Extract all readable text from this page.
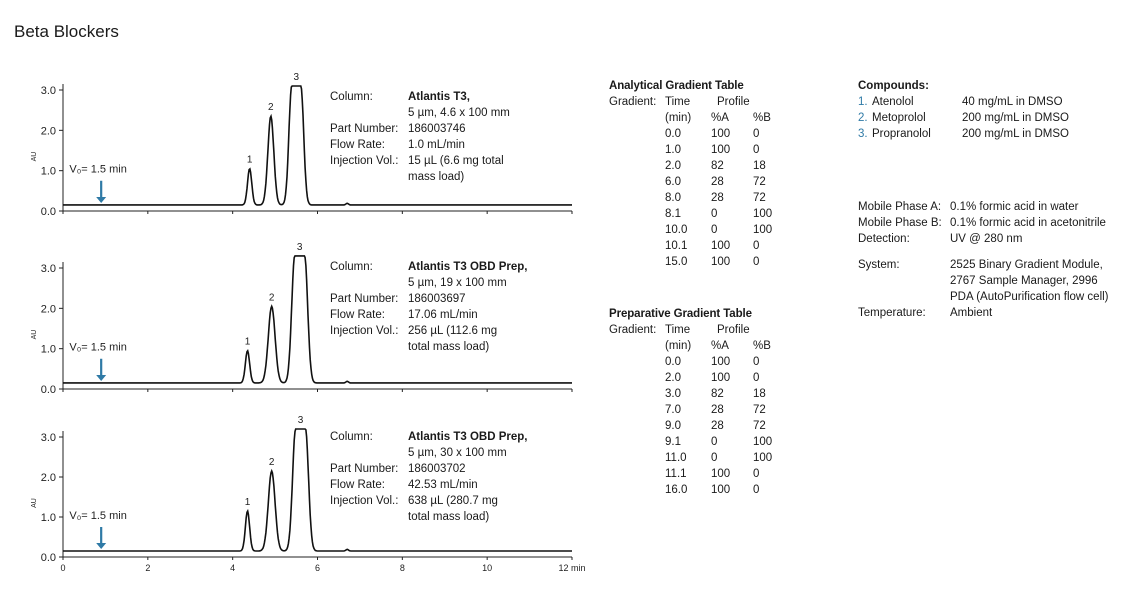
Beta Blockers
0.0
1.0
2.0
3.0
AU	1
2
3
V₀= 1.5 min
0.0
1.0
2.0
3.0
AU
1
2
3
V₀= 1.5 min
0.0
1.0
2.0
3.0
AU
0	2	4	6	8	10	12 min
1
2
3
V₀= 1.5 min
Column:	Atlantis T3,
5 µm, 4.6 x 100 mm
Part Number: 186003746
Flow Rate:	1.0 mL/min
Injection Vol.: 15 µL (6.6 mg total
mass load)
Column:	Atlantis T3 OBD Prep,
5 µm, 19 x 100 mm
Part Number: 186003697
Flow Rate:	17.06 mL/min
Injection Vol.: 256 µL (112.6 mg
total mass load)
Column:	Atlantis T3 OBD Prep,
5 µm, 30 x 100 mm
Part Number: 186003702
Flow Rate:	42.53 mL/min
Injection Vol.: 638 µL (280.7 mg
total mass load)
Analytical Gradient Table
Gradient: Time	Profile
(min)	%A	%B
0.0	100	0
1.0	100	0
2.0	82	18
6.0	28	72
8.0	28	72
8.1	0	100
10.0	0	100
10.1	100	0
15.0	100	0
Preparative Gradient Table
Gradient: Time	Profile
(min)	%A	%B
0.0	100	0
2.0	100	0
3.0	82	18
7.0	28	72
9.0	28	72
9.1	0	100
11.0	0	100
11.1	100	0
16.0	100	0
Compounds:
1. Atenolol	40 mg/mL in DMSO
2. Metoprolol	200 mg/mL in DMSO
3. Propranolol	200 mg/mL in DMSO
Mobile Phase A: 0.1% formic acid in water
Mobile Phase B: 0.1% formic acid in acetonitrile
Detection:	UV @ 280 nm
System:	2525 Binary Gradient Module,
2767 Sample Manager, 2996
PDA (AutoPurification flow cell)
Temperature:	Ambient
